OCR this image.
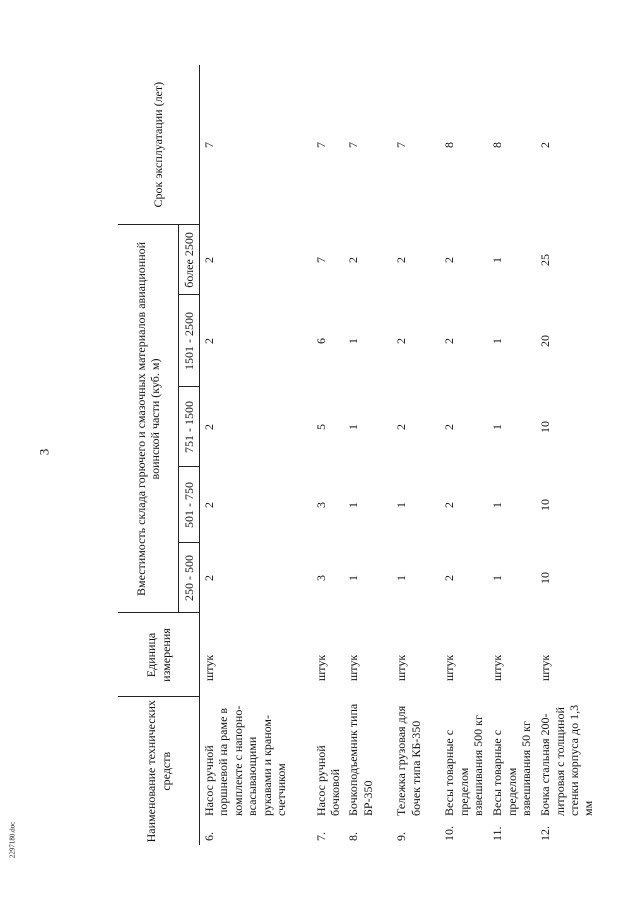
3
2297180.doc	Наименование технических средств		Единица измерения	Вместимость склада горючего и смазочных материалов авиационной воинской части (куб. м)					Срок эксплуатации (лет)
			250 - 500	501 - 750	751 - 1500	1501 - 2500	более 2500	
6.	Насос ручной поршневой на раме в комплекте с напорно-всасывающими рукавами и краном-счетчиком	штук	2	2	2	2	2	7
7.	Насос ручной бочковой	штук	3	3	5	6	7	7
8.	Бочкоподъемник типа БР-350	штук	1	1	1	1	2	7
9.	Тележка грузовая для бочек типа КБ-350	штук	1	1	2	2	2	7
10.	Весы товарные с пределом взвешивания 500 кг	штук	2	2	2	2	2	8
11.	Весы товарные с пределом взвешивания 50 кг	штук	1	1	1	1	1	8
12.	Бочка стальная 200-литровая с толщиной стенки корпуса до 1,3 мм	штук	10	10	10	20	25	2
